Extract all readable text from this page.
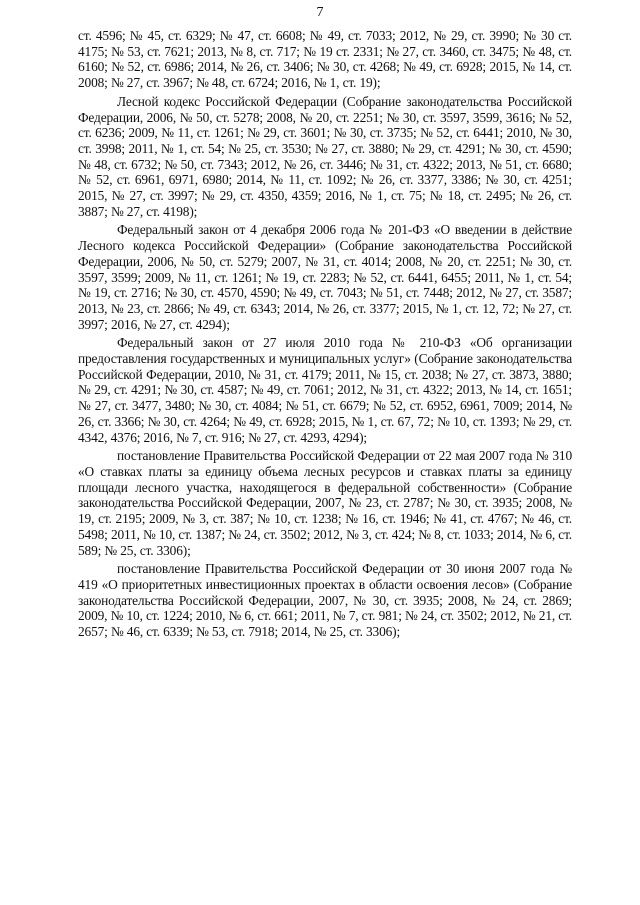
7

ст. 4596; № 45, ст. 6329; № 47, ст. 6608; № 49, ст. 7033; 2012, № 29, ст. 3990; № 30 ст. 4175; № 53, ст. 7621; 2013, № 8, ст. 717; № 19 ст. 2331; № 27, ст. 3460, ст. 3475; № 48, ст. 6160; № 52, ст. 6986; 2014, № 26, ст. 3406; № 30, ст. 4268; № 49, ст. 6928; 2015, № 14, ст. 2008; № 27, ст. 3967; № 48, ст. 6724; 2016, № 1, ст. 19);

Лесной кодекс Российской Федерации (Собрание законодательства Российской Федерации, 2006, № 50, ст. 5278; 2008, № 20, ст. 2251; № 30, ст. 3597, 3599, 3616; № 52, ст. 6236; 2009, № 11, ст. 1261; № 29, ст. 3601; № 30, ст. 3735; № 52, ст. 6441; 2010, № 30, ст. 3998; 2011, № 1, ст. 54; № 25, ст. 3530; № 27, ст. 3880; № 29, ст. 4291; № 30, ст. 4590; № 48, ст. 6732; № 50, ст. 7343; 2012, № 26, ст. 3446; № 31, ст. 4322; 2013, № 51, ст. 6680; № 52, ст. 6961, 6971, 6980; 2014, № 11, ст. 1092; № 26, ст. 3377, 3386; № 30, ст. 4251; 2015, № 27, ст. 3997; № 29, ст. 4350, 4359; 2016, № 1, ст. 75; № 18, ст. 2495; № 26, ст. 3887; № 27, ст. 4198);

Федеральный закон от 4 декабря 2006 года № 201-ФЗ «О введении в действие Лесного кодекса Российской Федерации» (Собрание законодательства Российской Федерации, 2006, № 50, ст. 5279; 2007, № 31, ст. 4014; 2008, № 20, ст. 2251; № 30, ст. 3597, 3599; 2009, № 11, ст. 1261; № 19, ст. 2283; № 52, ст. 6441, 6455; 2011, № 1, ст. 54; № 19, ст. 2716; № 30, ст. 4570, 4590; № 49, ст. 7043; № 51, ст. 7448; 2012, № 27, ст. 3587; 2013, № 23, ст. 2866; № 49, ст. 6343; 2014, № 26, ст. 3377; 2015, № 1, ст. 12, 72; № 27, ст. 3997; 2016, № 27, ст. 4294);

Федеральный закон от 27 июля 2010 года № 210-ФЗ «Об организации предоставления государственных и муниципальных услуг» (Собрание законодательства Российской Федерации, 2010, № 31, ст. 4179; 2011, № 15, ст. 2038; № 27, ст. 3873, 3880; № 29, ст. 4291; № 30, ст. 4587; № 49, ст. 7061; 2012, № 31, ст. 4322; 2013, № 14, ст. 1651; № 27, ст. 3477, 3480; № 30, ст. 4084; № 51, ст. 6679; № 52, ст. 6952, 6961, 7009; 2014, № 26, ст. 3366; № 30, ст. 4264; № 49, ст. 6928; 2015, № 1, ст. 67, 72; № 10, ст. 1393; № 29, ст. 4342, 4376; 2016, № 7, ст. 916; № 27, ст. 4293, 4294);

постановление Правительства Российской Федерации от 22 мая 2007 года № 310 «О ставках платы за единицу объема лесных ресурсов и ставках платы за единицу площади лесного участка, находящегося в федеральной собственности» (Собрание законодательства Российской Федерации, 2007, № 23, ст. 2787; № 30, ст. 3935; 2008, № 19, ст. 2195; 2009, № 3, ст. 387; № 10, ст. 1238; № 16, ст. 1946; № 41, ст. 4767; № 46, ст. 5498; 2011, № 10, ст. 1387; № 24, ст. 3502; 2012, № 3, ст. 424; № 8, ст. 1033; 2014, № 6, ст. 589; № 25, ст. 3306);

постановление Правительства Российской Федерации от 30 июня 2007 года № 419 «О приоритетных инвестиционных проектах в области освоения лесов» (Собрание законодательства Российской Федерации, 2007, № 30, ст. 3935; 2008, № 24, ст. 2869; 2009, № 10, ст. 1224; 2010, № 6, ст. 661; 2011, № 7, ст. 981; № 24, ст. 3502; 2012, № 21, ст. 2657; № 46, ст. 6339; № 53, ст. 7918; 2014, № 25, ст. 3306);
